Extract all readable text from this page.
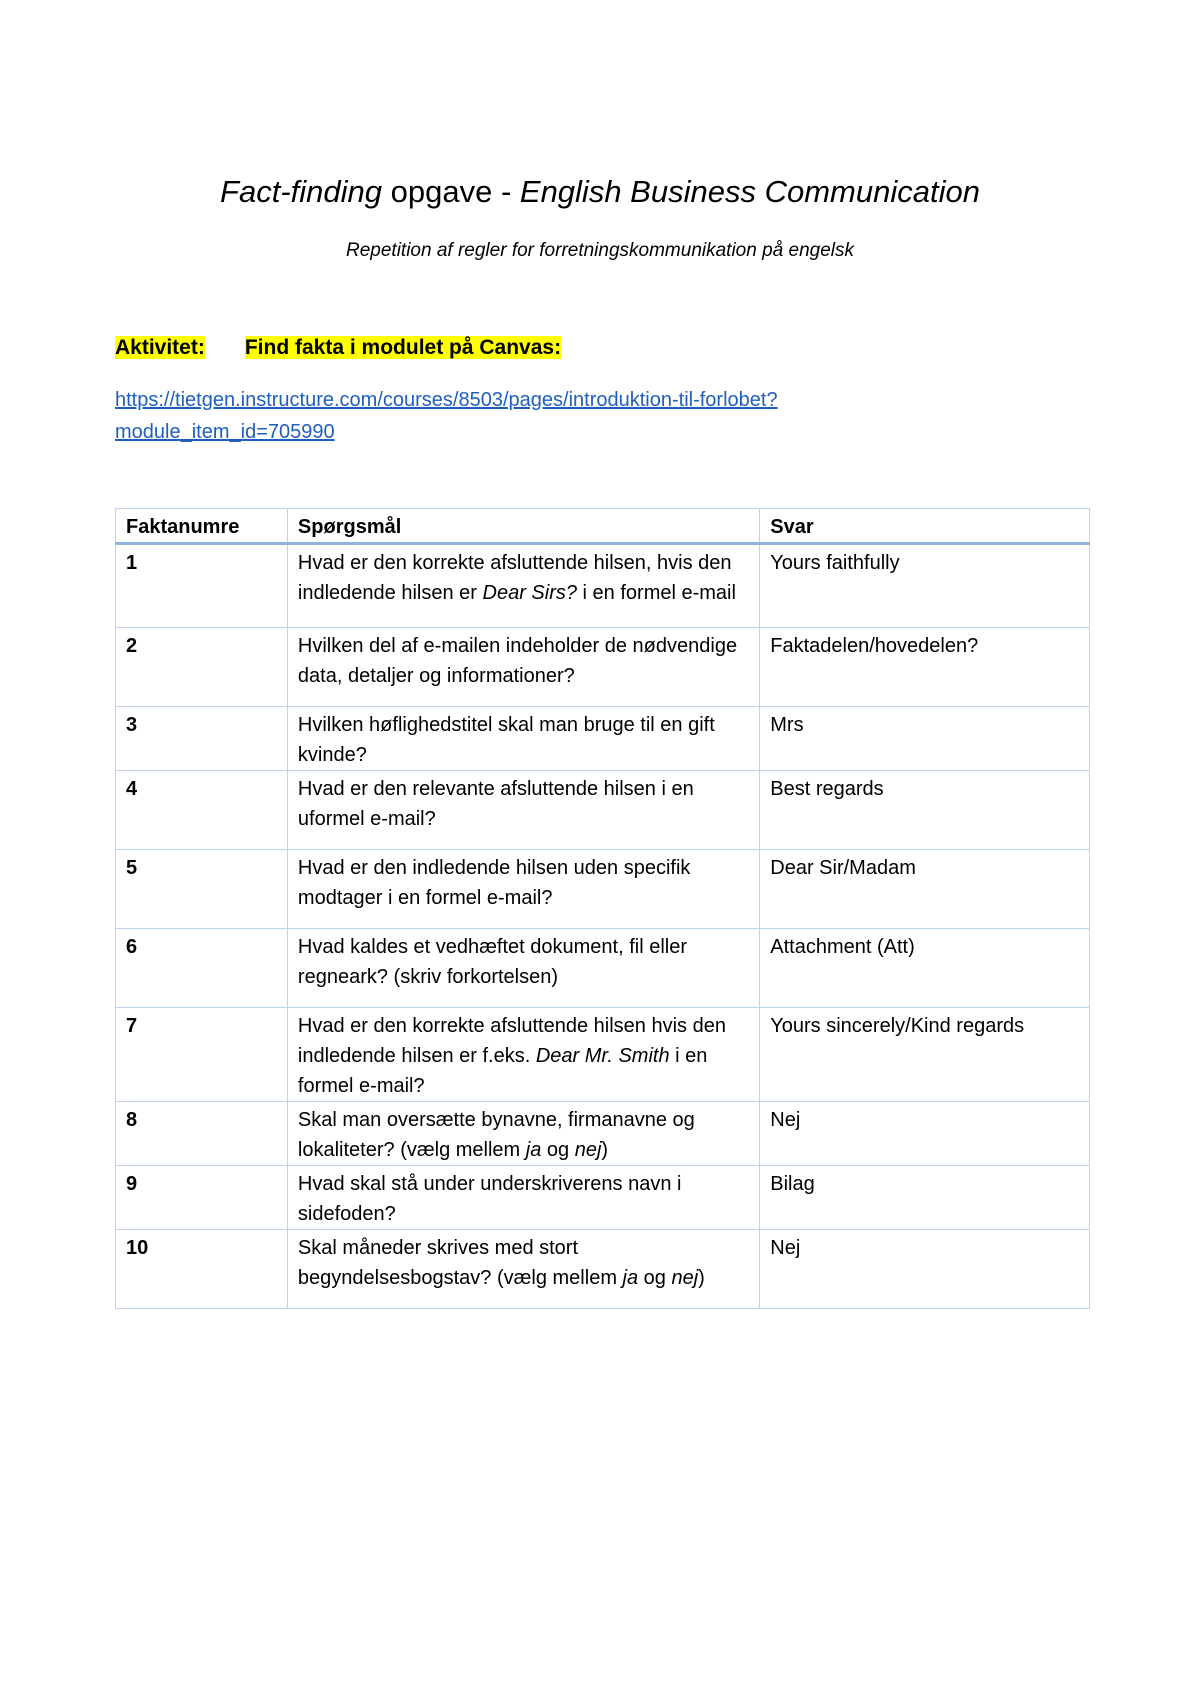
Fact-finding opgave - English Business Communication
Repetition af regler for forretningskommunikation på engelsk
Aktivitet: Find fakta i modulet på Canvas:
https://tietgen.instructure.com/courses/8503/pages/introduktion-til-forlobet?
module_item_id=705990
Faktanumre	Spørgsmål	Svar
1	Hvad er den korrekte afsluttende hilsen, hvis den indledende hilsen er Dear Sirs? i en formel e-mail	Yours faithfully
2	Hvilken del af e-mailen indeholder de nødvendige data, detaljer og informationer?	Faktadelen/hovedelen?
3	Hvilken høflighedstitel skal man bruge til en gift kvinde?	Mrs
4	Hvad er den relevante afsluttende hilsen i en uformel e-mail?	Best regards
5	Hvad er den indledende hilsen uden specifik modtager i en formel e-mail?	Dear Sir/Madam
6	Hvad kaldes et vedhæftet dokument, fil eller regneark? (skriv forkortelsen)	Attachment (Att)
7	Hvad er den korrekte afsluttende hilsen hvis den indledende hilsen er f.eks. Dear Mr. Smith i en formel e-mail?	Yours sincerely/Kind regards
8	Skal man oversætte bynavne, firmanavne og lokaliteter? (vælg mellem ja og nej)	Nej
9	Hvad skal stå under underskriverens navn i sidefoden?	Bilag
10	Skal måneder skrives med stort begyndelsesbogstav? (vælg mellem ja og nej)	Nej
